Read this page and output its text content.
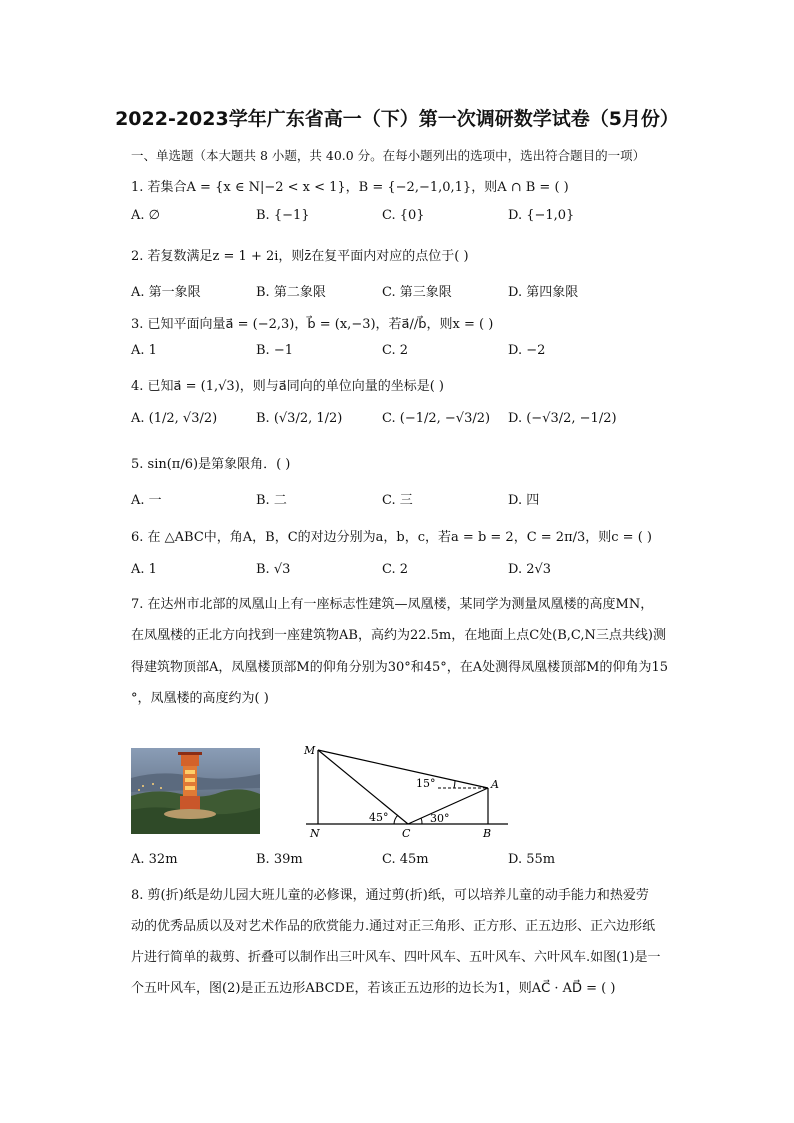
2022-2023学年广东省高一（下）第一次调研数学试卷（5月份）
一、单选题（本大题共 8 小题，共 40.0 分。在每小题列出的选项中，选出符合题目的一项）
1. 若集合A = {x ∈ N|−2 < x < 1}，B = {−2,−1,0,1}，则A ∩ B = ( )
A. ∅	B. {−1}	C. {0}	D. {−1,0}
2. 若复数满足z = 1 + 2i，则z̄在复平面内对应的点位于( )
A. 第一象限	B. 第二象限	C. 第三象限	D. 第四象限
3. 已知平面向量a⃗ = (−2,3)，b⃗ = (x,−3)，若a⃗//b⃗，则x = ( )
A. 1	B. −1	C. 2	D. −2
4. 已知a⃗ = (1,√3)，则与a⃗同向的单位向量的坐标是( )
A. (1/2, √3/2)	B. (√3/2, 1/2)	C. (−1/2, −√3/2) D. (−√3/2, −1/2)
5. sin(π/6)是第象限角．( )
A. 一	B. 二	C. 三	D. 四
6. 在 △ABC中，角A，B，C的对边分别为a，b，c，若a = b = 2，C = 2π/3，则c = ( )
A. 1	B. √3	C. 2	D. 2√3
7. 在达州市北部的凤凰山上有一座标志性建筑—凤凰楼，某同学为测量凤凰楼的高度MN，
在凤凰楼的正北方向找到一座建筑物AB，高约为22.5m，在地面上点C处(B,C,N三点共线)测
得建筑物顶部A，凤凰楼顶部M的仰角分别为30°和45°，在A处测得凤凰楼顶部M的仰角为15
°，凤凰楼的高度约为( )
M
N	C	B
A
15°
45°	30°
A. 32m	B. 39m	C. 45m	D. 55m
8. 剪(折)纸是幼儿园大班儿童的必修课，通过剪(折)纸，可以培养儿童的动手能力和热爱劳
动的优秀品质以及对艺术作品的欣赏能力.通过对正三角形、正方形、正五边形、正六边形纸
片进行简单的裁剪、折叠可以制作出三叶风车、四叶风车、五叶风车、六叶风车.如图(1)是一
个五叶风车，图(2)是正五边形ABCDE，若该正五边形的边长为1，则AC⃗ · AD⃗ = ( )
